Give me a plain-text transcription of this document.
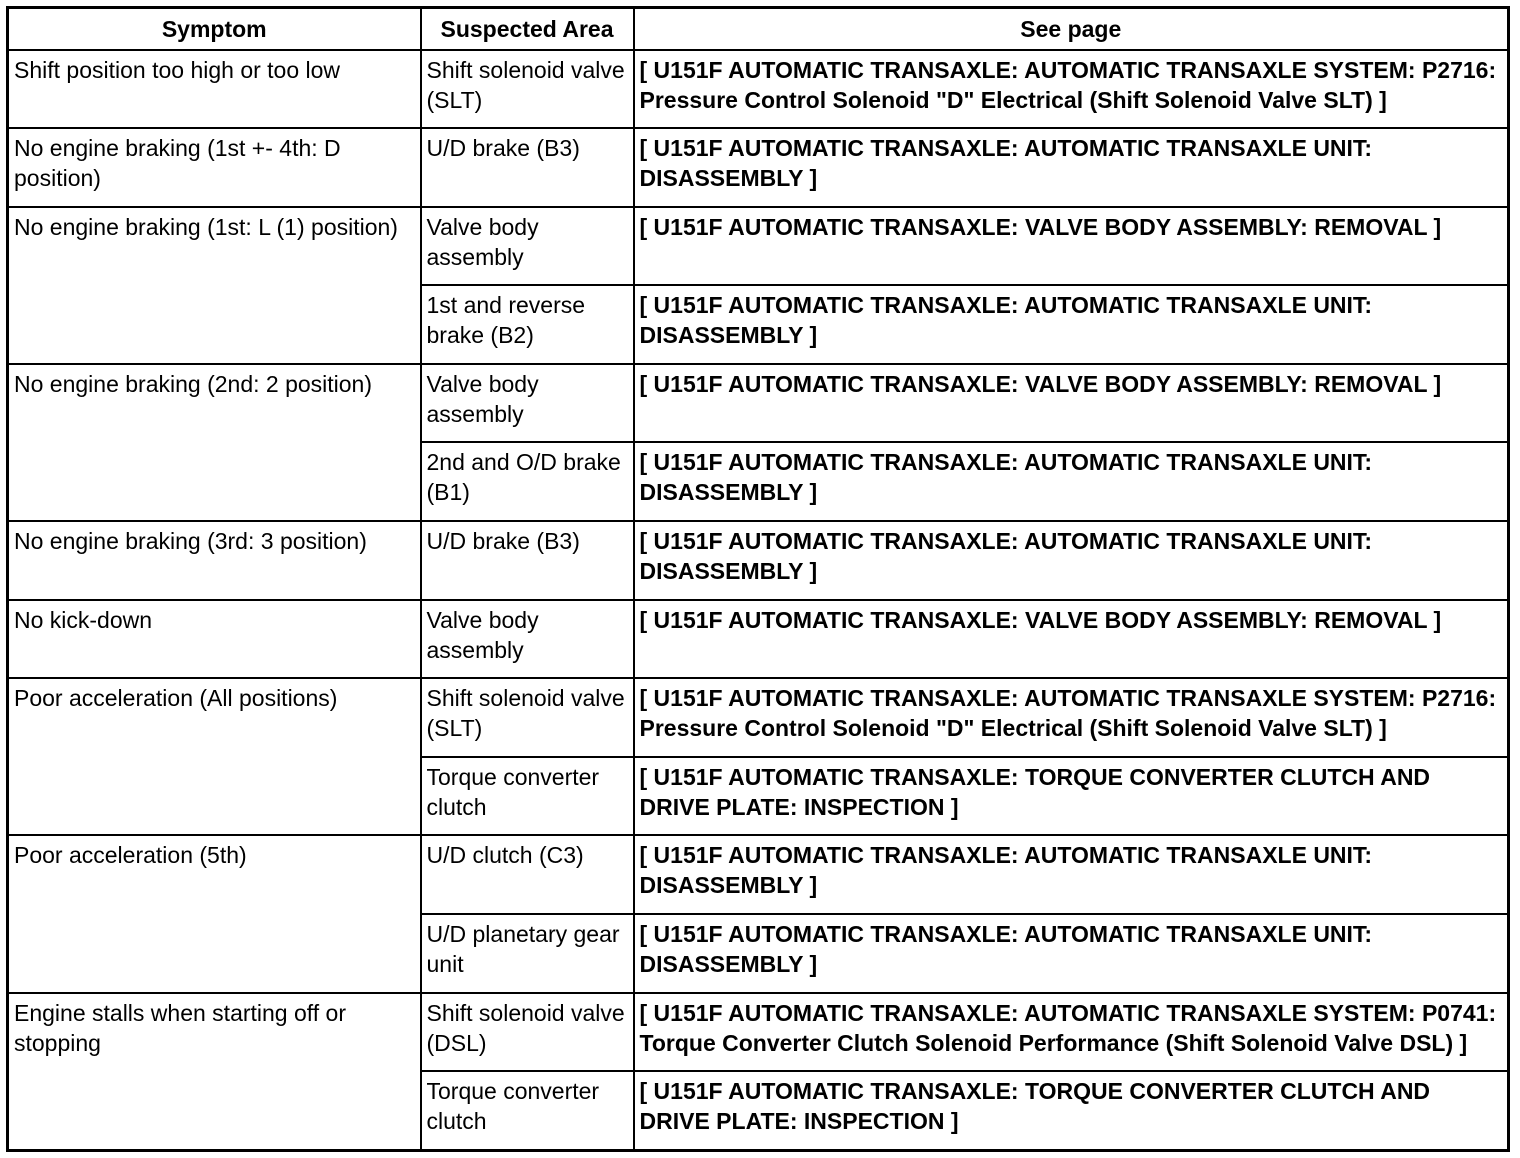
Symptom	Suspected Area	See page
Shift position too high or too low	Shift solenoid valve (SLT)	[ U151F AUTOMATIC TRANSAXLE: AUTOMATIC TRANSAXLE SYSTEM: P2716: Pressure Control Solenoid "D" Electrical (Shift Solenoid Valve SLT) ]
No engine braking (1st +- 4th: D position)	U/D brake (B3)	[ U151F AUTOMATIC TRANSAXLE: AUTOMATIC TRANSAXLE UNIT: DISASSEMBLY ]
No engine braking (1st: L (1) position)	Valve body assembly	[ U151F AUTOMATIC TRANSAXLE: VALVE BODY ASSEMBLY: REMOVAL ]
	1st and reverse brake (B2)	[ U151F AUTOMATIC TRANSAXLE: AUTOMATIC TRANSAXLE UNIT: DISASSEMBLY ]
No engine braking (2nd: 2 position)	Valve body assembly	[ U151F AUTOMATIC TRANSAXLE: VALVE BODY ASSEMBLY: REMOVAL ]
	2nd and O/D brake (B1)	[ U151F AUTOMATIC TRANSAXLE: AUTOMATIC TRANSAXLE UNIT: DISASSEMBLY ]
No engine braking (3rd: 3 position)	U/D brake (B3)	[ U151F AUTOMATIC TRANSAXLE: AUTOMATIC TRANSAXLE UNIT: DISASSEMBLY ]
No kick-down	Valve body assembly	[ U151F AUTOMATIC TRANSAXLE: VALVE BODY ASSEMBLY: REMOVAL ]
Poor acceleration (All positions)	Shift solenoid valve (SLT)	[ U151F AUTOMATIC TRANSAXLE: AUTOMATIC TRANSAXLE SYSTEM: P2716: Pressure Control Solenoid "D" Electrical (Shift Solenoid Valve SLT) ]
	Torque converter clutch	[ U151F AUTOMATIC TRANSAXLE: TORQUE CONVERTER CLUTCH AND DRIVE PLATE: INSPECTION ]
Poor acceleration (5th)	U/D clutch (C3)	[ U151F AUTOMATIC TRANSAXLE: AUTOMATIC TRANSAXLE UNIT: DISASSEMBLY ]
	U/D planetary gear unit	[ U151F AUTOMATIC TRANSAXLE: AUTOMATIC TRANSAXLE UNIT: DISASSEMBLY ]
Engine stalls when starting off or stopping	Shift solenoid valve (DSL)	[ U151F AUTOMATIC TRANSAXLE: AUTOMATIC TRANSAXLE SYSTEM: P0741: Torque Converter Clutch Solenoid Performance (Shift Solenoid Valve DSL) ]
	Torque converter clutch	[ U151F AUTOMATIC TRANSAXLE: TORQUE CONVERTER CLUTCH AND DRIVE PLATE: INSPECTION ]
